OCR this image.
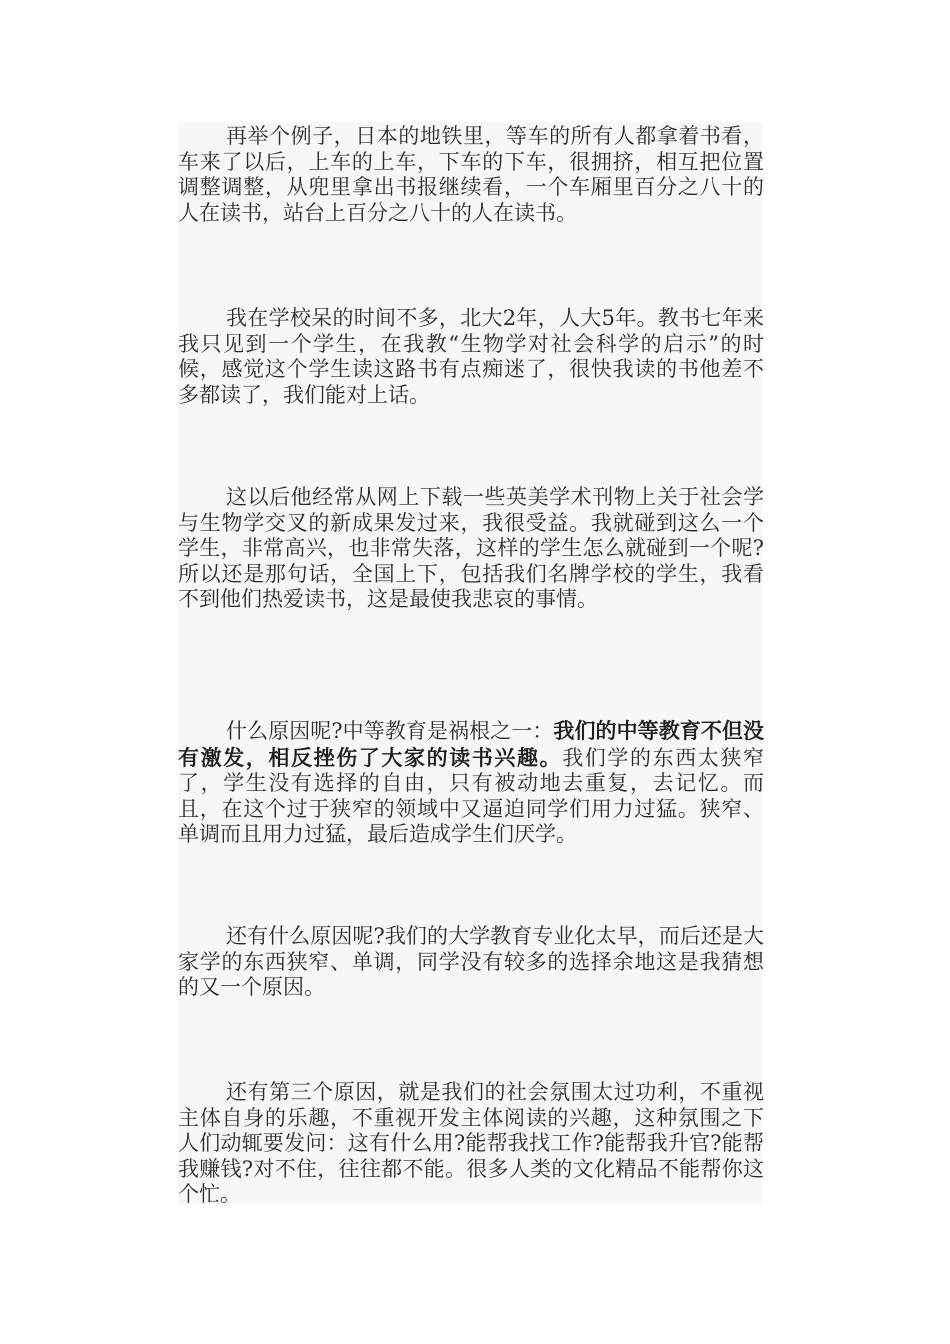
再举个例子，日本的地铁里，等车的所有人都拿着书看，车来了以后，上车的上车，下车的下车，很拥挤，相互把位置调整调整，从兜里拿出书报继续看，一个车厢里百分之八十的人在读书，站台上百分之八十的人在读书。

我在学校呆的时间不多，北大2年，人大5年。教书七年来我只见到一个学生，在我教“生物学对社会科学的启示”的时候，感觉这个学生读这路书有点痴迷了，很快我读的书他差不多都读了，我们能对上话。

这以后他经常从网上下载一些英美学术刊物上关于社会学与生物学交叉的新成果发过来，我很受益。我就碰到这么一个学生，非常高兴，也非常失落，这样的学生怎么就碰到一个呢?所以还是那句话，全国上下，包括我们名牌学校的学生，我看不到他们热爱读书，这是最使我悲哀的事情。

什么原因呢?中等教育是祸根之一：我们的中等教育不但没有激发，相反挫伤了大家的读书兴趣。我们学的东西太狭窄了，学生没有选择的自由，只有被动地去重复，去记忆。而且，在这个过于狭窄的领域中又逼迫同学们用力过猛。狭窄、单调而且用力过猛，最后造成学生们厌学。

还有什么原因呢?我们的大学教育专业化太早，而后还是大家学的东西狭窄、单调，同学没有较多的选择余地这是我猜想的又一个原因。

还有第三个原因，就是我们的社会氛围太过功利，不重视主体自身的乐趣，不重视开发主体阅读的兴趣，这种氛围之下人们动辄要发问：这有什么用?能帮我找工作?能帮我升官?能帮我赚钱?对不住，往往都不能。很多人类的文化精品不能帮你这个忙。
